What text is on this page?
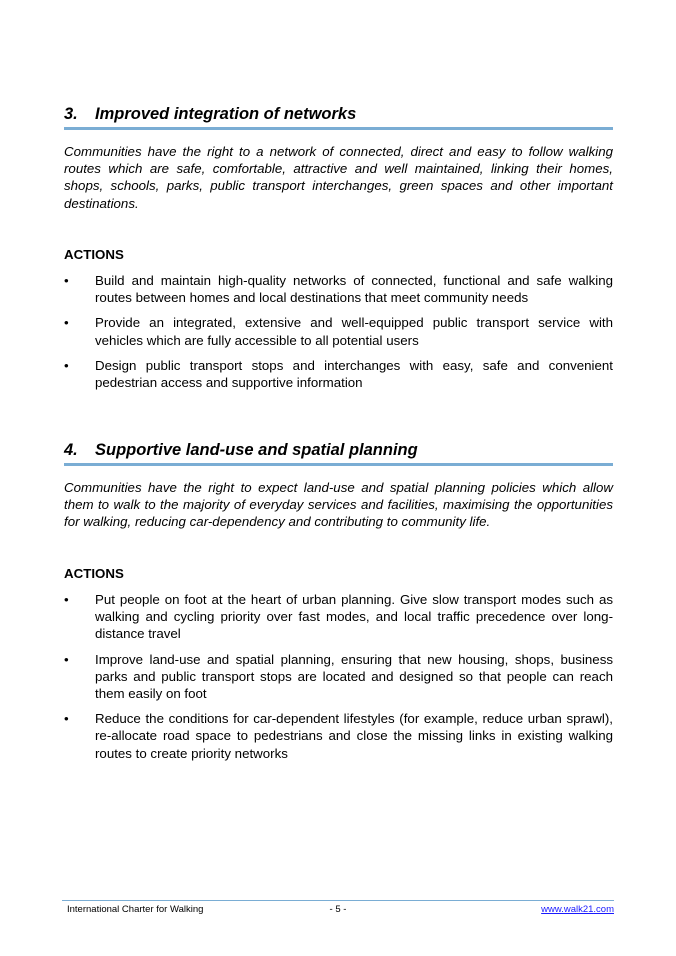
3.	Improved integration of networks

Communities have the right to a network of connected, direct and easy to follow walking routes which are safe, comfortable, attractive and well maintained, linking their homes, shops, schools, parks, public transport interchanges, green spaces and other important destinations.

ACTIONS

• Build and maintain high-quality networks of connected, functional and safe walking routes between homes and local destinations that meet community needs
• Provide an integrated, extensive and well-equipped public transport service with vehicles which are fully accessible to all potential users
• Design public transport stops and interchanges with easy, safe and convenient pedestrian access and supportive information
4.	Supportive land-use and spatial planning

Communities have the right to expect land-use and spatial planning policies which allow them to walk to the majority of everyday services and facilities, maximising the opportunities for walking, reducing car-dependency and contributing to community life.

ACTIONS

• Put people on foot at the heart of urban planning. Give slow transport modes such as walking and cycling priority over fast modes, and local traffic precedence over long-distance travel
• Improve land-use and spatial planning, ensuring that new housing, shops, business parks and public transport stops are located and designed so that people can reach them easily on foot
• Reduce the conditions for car-dependent lifestyles (for example, reduce urban sprawl), re-allocate road space to pedestrians and close the missing links in existing walking routes to create priority networks
International Charter for Walking	- 5 -	www.walk21.com
